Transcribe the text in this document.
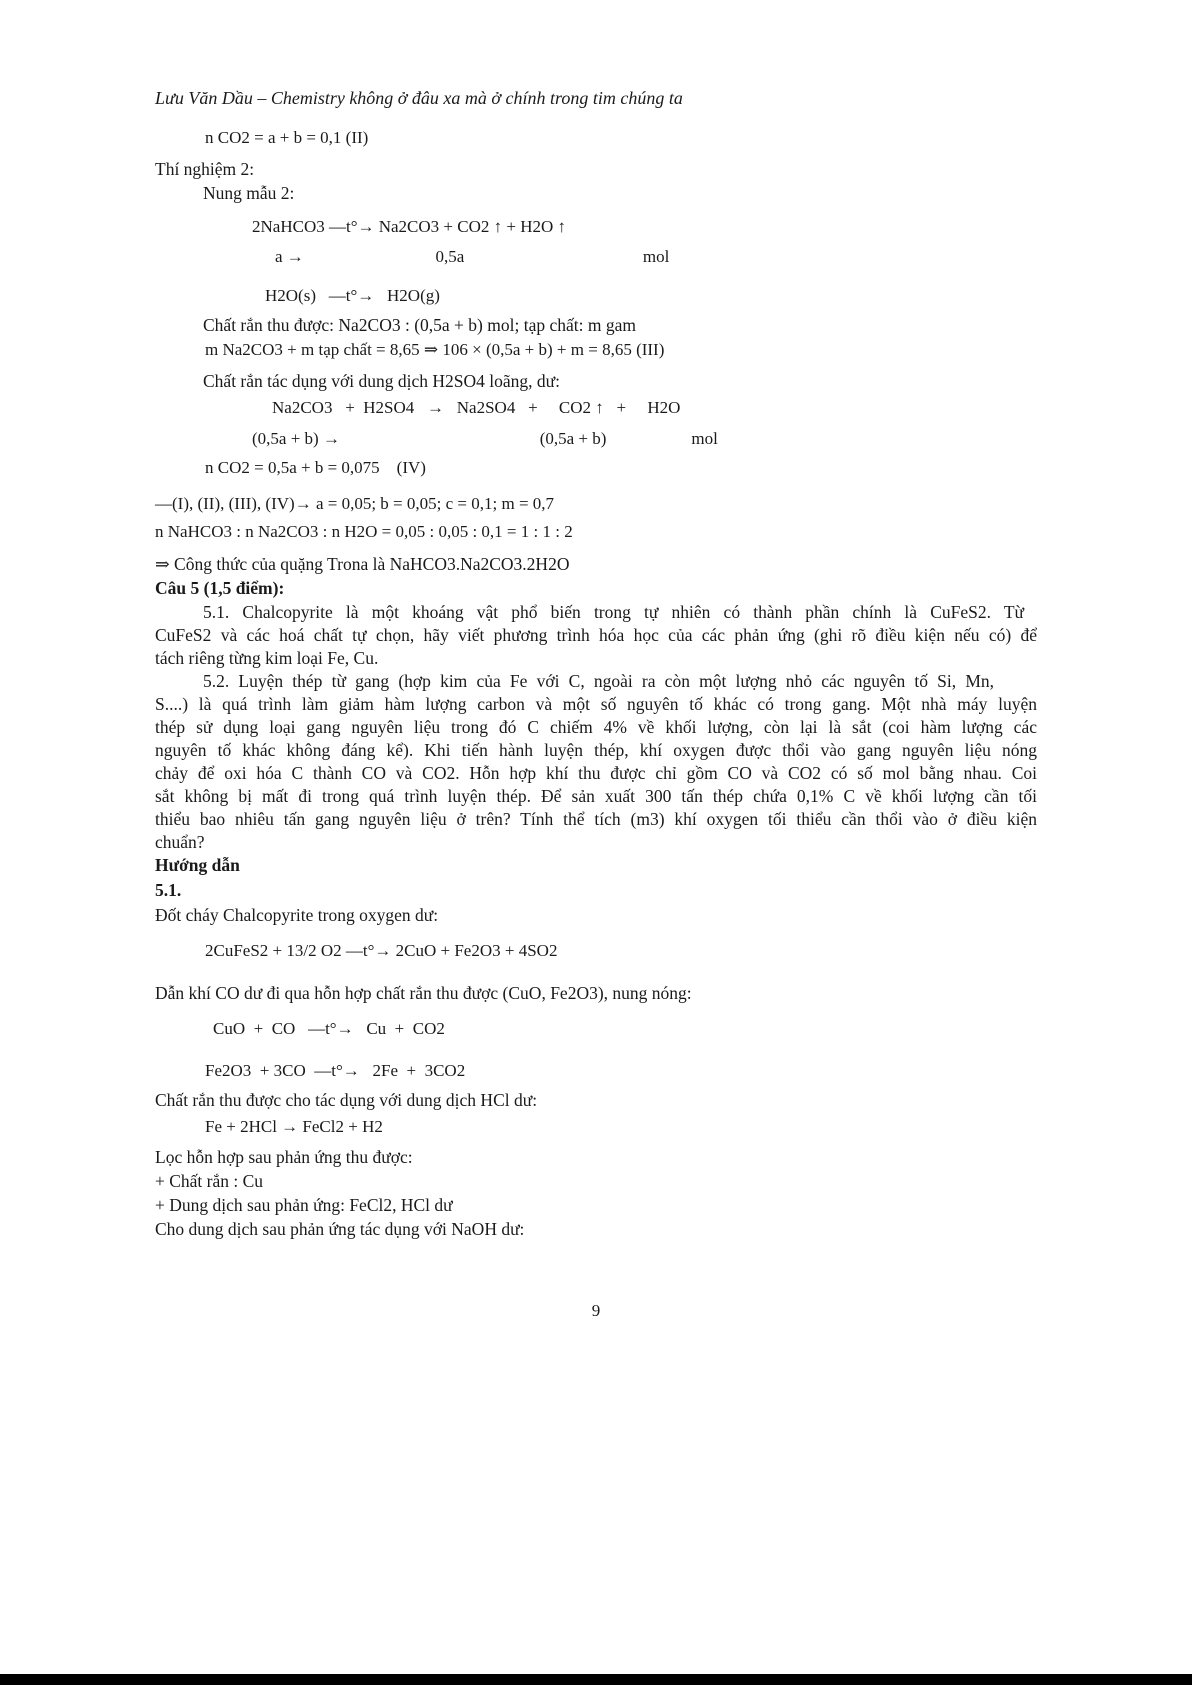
Lưu Văn Dầu – Chemistry không ở đâu xa mà ở chính trong tim chúng ta
n CO2 = a + b = 0,1 (II)
Thí nghiệm 2:
Nung mẫu 2:
2NaHCO3 —t°→ Na2CO3 + CO2 ↑ + H2O ↑
a →                               0,5a                                          mol
H2O(s)   —t°→   H2O(g)
Chất rắn thu được: Na2CO3 : (0,5a + b) mol; tạp chất: m gam
m Na2CO3 + m tạp chất = 8,65 ⇒ 106 × (0,5a + b) + m = 8,65 (III)
Chất rắn tác dụng với dung dịch H2SO4 loãng, dư:
Na2CO3   +  H2SO4   →   Na2SO4   +     CO2 ↑   +     H2O
(0,5a + b) →                                               (0,5a + b)                    mol
n CO2 = 0,5a + b = 0,075    (IV)
—(I), (II), (III), (IV)→ a = 0,05; b = 0,05; c = 0,1; m = 0,7
n NaHCO3 : n Na2CO3 : n H2O = 0,05 : 0,05 : 0,1 = 1 : 1 : 2
⇒ Công thức của quặng Trona là NaHCO3.Na2CO3.2H2O
Câu 5 (1,5 điểm):
5.1. Chalcopyrite là một khoáng vật phổ biến trong tự nhiên có thành phần chính là CuFeS2. Từ
CuFeS2 và các hoá chất tự chọn, hãy viết phương trình hóa học của các phản ứng (ghi rõ điều kiện nếu có) để
tách riêng từng kim loại Fe, Cu.
5.2. Luyện thép từ gang (hợp kim của Fe với C, ngoài ra còn một lượng nhỏ các nguyên tố Si, Mn,
S....) là quá trình làm giảm hàm lượng carbon và một số nguyên tố khác có trong gang. Một nhà máy luyện
thép sử dụng loại gang nguyên liệu trong đó C chiếm 4% về khối lượng, còn lại là sắt (coi hàm lượng các
nguyên tố khác không đáng kể). Khi tiến hành luyện thép, khí oxygen được thổi vào gang nguyên liệu nóng
chảy để oxi hóa C thành CO và CO2. Hỗn hợp khí thu được chỉ gồm CO và CO2 có số mol bằng nhau. Coi
sắt không bị mất đi trong quá trình luyện thép. Để sản xuất 300 tấn thép chứa 0,1% C về khối lượng cần tối
thiểu bao nhiêu tấn gang nguyên liệu ở trên? Tính thể tích (m3) khí oxygen tối thiểu cần thổi vào ở điều kiện
chuẩn?
Hướng dẫn
5.1.
Đốt cháy Chalcopyrite trong oxygen dư:
2CuFeS2 + 13/2 O2 —t°→ 2CuO + Fe2O3 + 4SO2
Dẫn khí CO dư đi qua hỗn hợp chất rắn thu được (CuO, Fe2O3), nung nóng:
CuO  +  CO   —t°→   Cu  +  CO2
Fe2O3  + 3CO  —t°→   2Fe  +  3CO2
Chất rắn thu được cho tác dụng với dung dịch HCl dư:
Fe + 2HCl → FeCl2 + H2
Lọc hỗn hợp sau phản ứng thu được:
+ Chất rắn : Cu
+ Dung dịch sau phản ứng: FeCl2, HCl dư
Cho dung dịch sau phản ứng tác dụng với NaOH dư:
9
